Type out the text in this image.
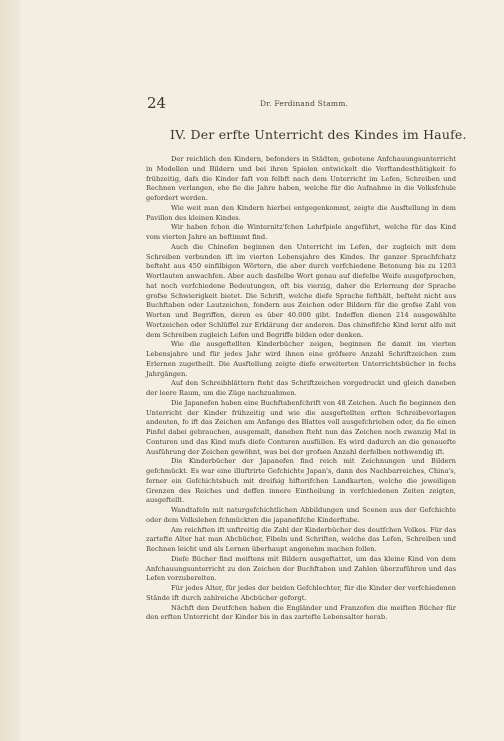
24	Dr. Ferdinand Stamm.
IV. Der erfte Unterricht des Kindes im Haufe.

Der reichlich den Kindern, befonders in Städten, gebotene Anfchauungsunterricht in Modellen und Bildern und bei ihren Spielen entwickelt die Verftandesthätigkeit fo frühzeitig, dafs die Kinder faft von felbft nach dem Unterricht im Lefen, Schreiben und Rechnen verlangen, ehe fie die Jahre haben, welche für die Aufnahme in die Volksfchule gefordert werden.

Wie weit man den Kindern hierbei entgegenkommt, zeigte die Ausftellung in dem Pavillon des kleinen Kindes.

Wir haben fchon die Winternitz'fchen Lehrfpiele angeführt, welche für das Kind vom vierten Jahre an beftimmt find.

Auch die Chinefen beginnen den Unterricht im Lefen, der zugleich mit dem Schreiben verbunden ift im vierten Lebensjahre des Kindes. Ihr ganzer Sprachfchatz befteht aus 450 einfilbigen Wörtern, die aber durch verfchiedene Betonung bis zu 1203 Wortlauten anwachfen. Aber auch dasfelbe Wort genau auf diefelbe Weife ausgefprochen, hat noch verfchiedene Bedeutungen, oft bis vierzig, daher die Erlernung der Sprache grofse Schwierigkeit bietet. Die Schrift, welche diefe Sprache fefthält, befteht nicht aus Buchftaben oder Lautzeichen, fondern aus Zeichen oder Bildern für die grofse Zahl von Worten und Begriffen, deren es über 40.000 gibt. Indeffen dienen 214 ausgewählte Wortzeichen oder Schlüffel zur Erklärung der anderen. Das chinefifche Kind lernt alfo mit dem Schreiben zugleich Lefen und Begriffe bilden oder denken.

Wie die ausgeftellten Kinderbücher zeigen, beginnen fie damit im vierten Lebensjahre und für jedes Jahr wird ihnen eine gröfsere Anzahl Schriftzeichen zum Erlernen zugetheilt. Die Ausftellung zeigte diefe erweiterten Unterrichtsbücher in fechs Jahrgängen.

Auf den Schreibblättern fteht das Schriftzeichen vorgedruckt und gleich daneben der leere Raum, um die Züge nachzuahmen.

Die Japanefen haben eine Buchftabenfchrift von 48 Zeichen. Auch fie beginnen den Unterricht der Kinder frühzeitig und wie die ausgeftellten erften Schreibevorlagen andeuten, fo ift das Zeichen am Anfange des Blattes voll ausgefchrieben oder, da fie einen Pinfel dabei gebrauchen, ausgemalt, daneben fteht nun das Zeichen noch zwanzig Mal in Conturen und das Kind mufs diefe Conturen ausfüllen. Es wird dadurch an die genauefte Ausführung der Zeichen gewöhnt, was bei der grofsen Anzahl derfelben nothwendig ift.

Die Kinderbücher der Japanefen find reich mit Zeichnungen und Bildern gefchmückt. Es war eine illuftrirte Gefchichte Japan's, dann des Nachbarreiches, China's, ferner ein Gefchichtsbuch mit dreifsig hiftorifchen Landkarten, welche die jeweiligen Grenzen des Reiches und deffen innere Eintheilung in verfchiedenen Zeiten zeigten, ausgeftellt.

Wandtafeln mit naturgefchichtlichen Abbildungen und Scenen aus der Gefchichte oder dem Volksleben fchmückten die japanefifche Kinderftube.

Am reichften ift unftreitig die Zahl der Kinderbücher des deutfchen Volkes. Für das zartefte Alter hat man Abcbücher, Fibeln und Schriften, welche das Lefen, Schreiben und Rechnen leicht und als Lernen überhaupt angenehm machen follen.

Diefe Bücher find meiftens mit Bildern ausgeftattet, um das kleine Kind von dem Anfchauungsunterricht zu den Zeichen der Buchftaben und Zahlen überzuführen und das Lefen vorzubereiten.

Für jedes Alter, für jedes der beiden Gefchlechter, für die Kinder der verfchiedenen Stände ift durch zahlreiche Abcbücher geforgt.

Nächft den Deutfchen haben die Engländer und Franzofen die meiften Bücher für den erften Unterricht der Kinder bis in das zartefte Lebensalter herab.
